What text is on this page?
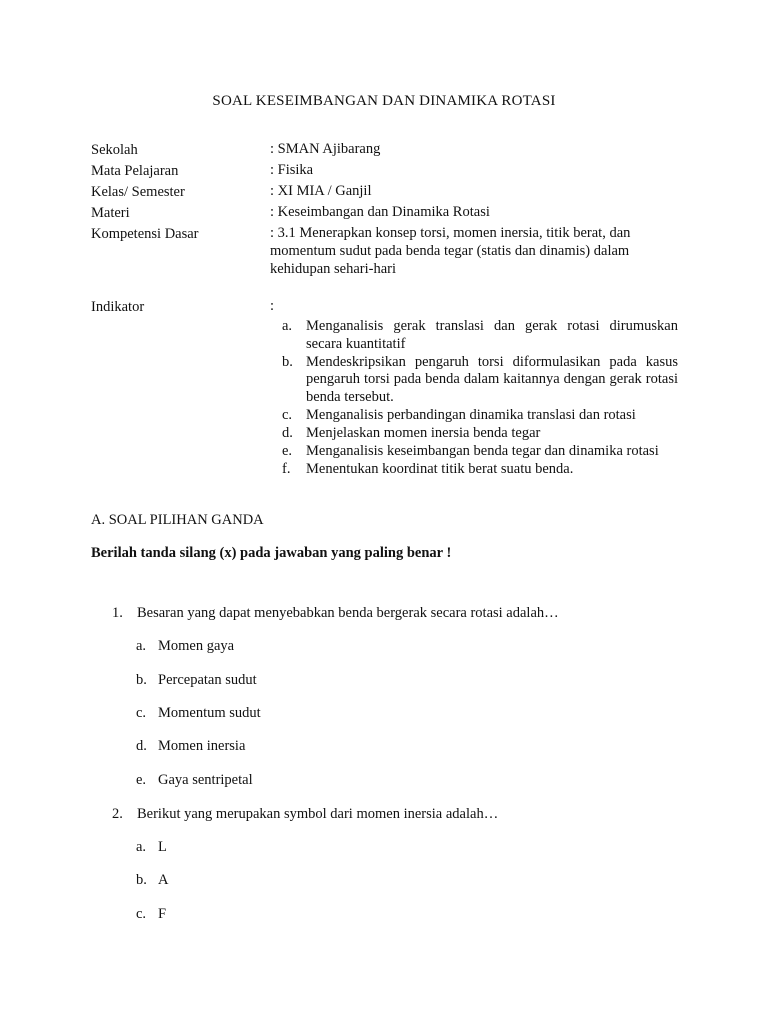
SOAL KESEIMBANGAN DAN DINAMIKA ROTASI
Sekolah	: SMAN Ajibarang
Mata Pelajaran	: Fisika
Kelas/ Semester	: XI MIA / Ganjil
Materi	: Keseimbangan dan Dinamika Rotasi
Kompetensi Dasar	: 3.1 Menerapkan konsep torsi, momen inersia, titik berat, dan momentum sudut pada benda tegar (statis dan dinamis) dalam kehidupan sehari-hari
Indikator	:
a. Menganalisis gerak translasi dan gerak rotasi dirumuskan secara kuantitatif
b. Mendeskripsikan pengaruh torsi diformulasikan pada kasus pengaruh torsi pada benda dalam kaitannya dengan gerak rotasi benda tersebut.
c. Menganalisis perbandingan dinamika translasi dan rotasi
d. Menjelaskan momen inersia benda tegar
e. Menganalisis keseimbangan benda tegar dan dinamika rotasi
f. Menentukan koordinat titik berat suatu benda.
A. SOAL PILIHAN GANDA
Berilah tanda silang (x) pada jawaban yang paling benar !
1. Besaran yang dapat menyebabkan benda bergerak secara rotasi adalah…
a. Momen gaya
b. Percepatan sudut
c. Momentum sudut
d. Momen inersia
e. Gaya sentripetal
2. Berikut yang merupakan symbol dari momen inersia adalah…
a. L
b. A
c. F
